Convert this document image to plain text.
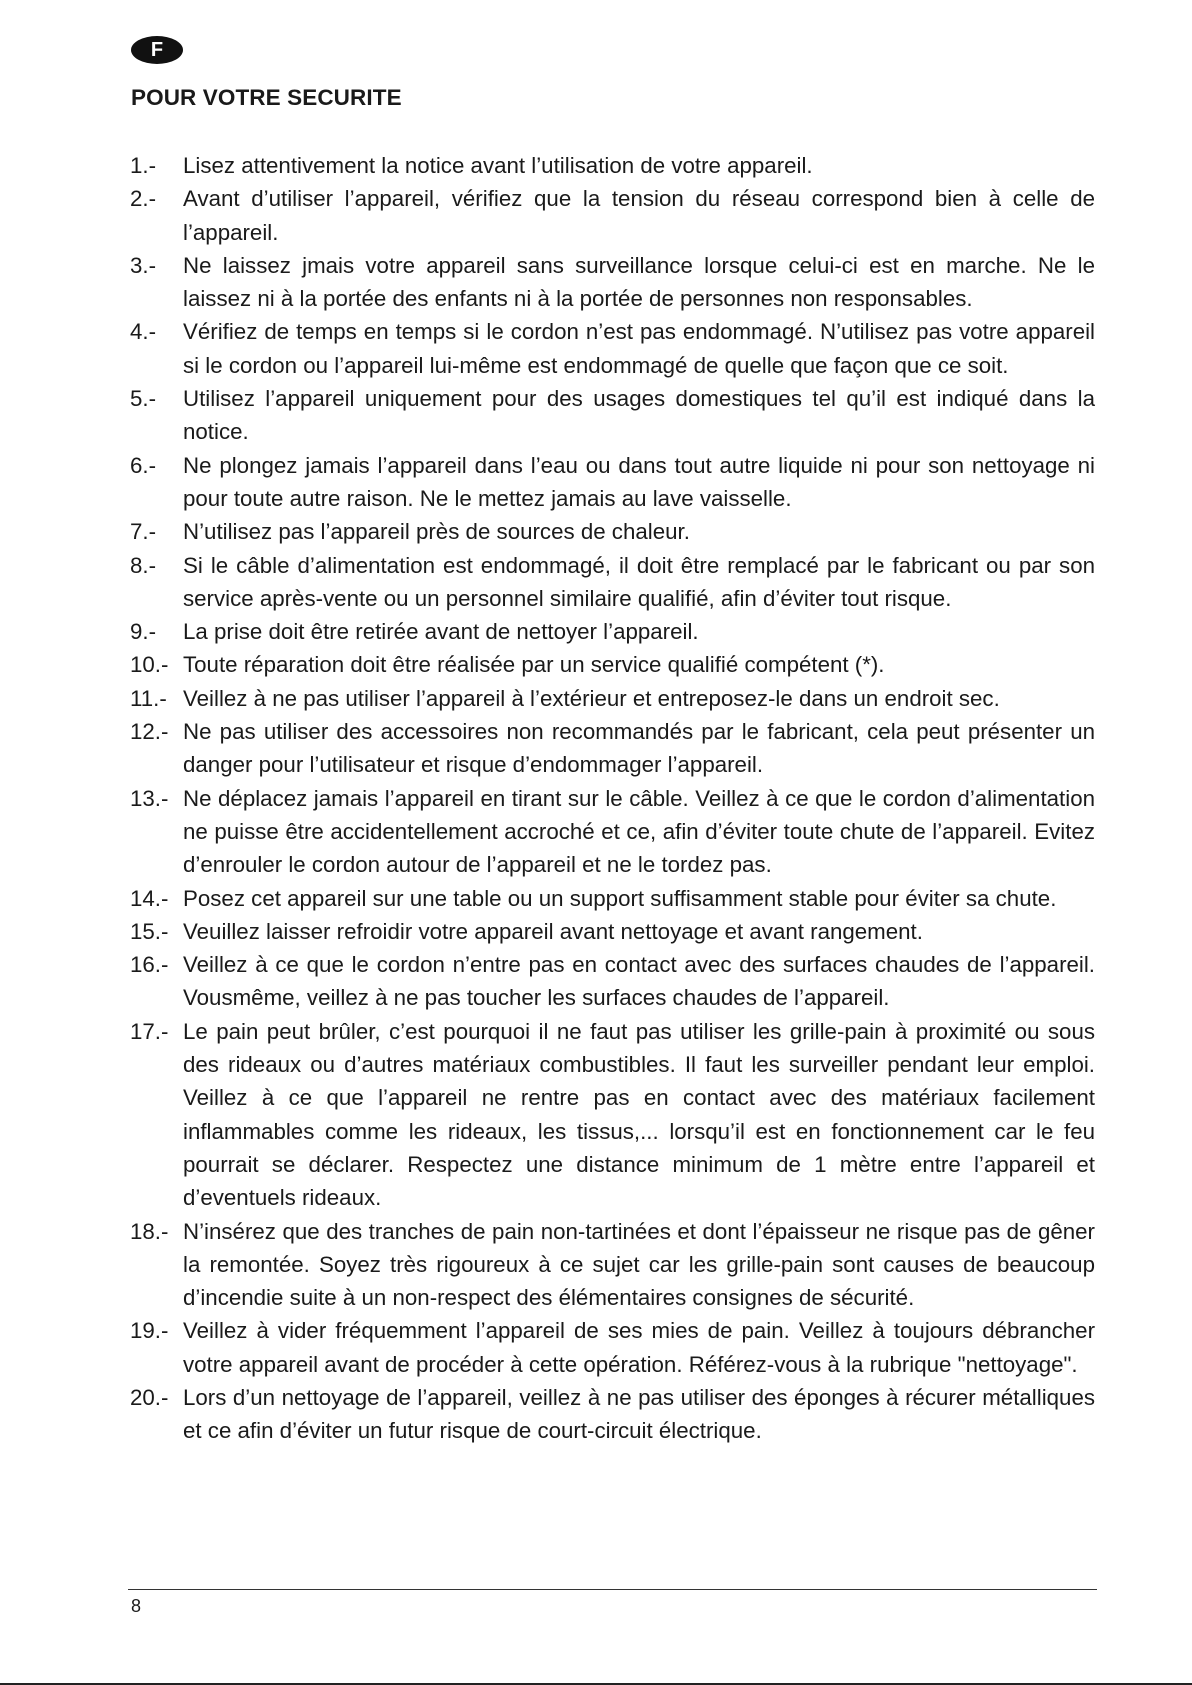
F
POUR VOTRE SECURITE
1.-	Lisez attentivement la notice avant l’utilisation de votre appareil.
2.-	Avant d’utiliser l’appareil, vérifiez que la tension du réseau correspond bien à celle de l’appareil.
3.-	Ne laissez jmais votre appareil sans surveillance lorsque celui-ci est en marche. Ne le laissez ni à la portée des enfants ni à la portée de personnes non responsables.
4.-	Vérifiez de temps en temps si le cordon n’est pas endommagé. N’utilisez pas votre appareil si le cordon ou l’appareil lui-même est endommagé de quelle que façon que ce soit.
5.-	Utilisez l’appareil uniquement pour des usages domestiques tel qu’il est indiqué dans la notice.
6.-	Ne plongez jamais l’appareil dans l’eau ou dans tout autre liquide ni pour son nettoyage ni pour toute autre raison. Ne le mettez jamais au lave vaisselle.
7.-	N’utilisez pas l’appareil près de sources de chaleur.
8.-	Si le câble d’alimentation est endommagé, il doit être remplacé par le fabricant ou par son service après-vente ou un personnel similaire qualifié, afin d’éviter tout risque.
9.-	La prise doit être retirée avant de nettoyer l’appareil.
10.- Toute réparation doit être réalisée par un service qualifié compétent (*).
11.- Veillez à ne pas utiliser l’appareil à l’extérieur et entreposez-le dans un endroit sec.
12.- Ne pas utiliser des accessoires non recommandés par le fabricant, cela peut présenter un danger pour l’utilisateur et risque d’endommager l’appareil.
13.- Ne déplacez jamais l’appareil en tirant sur le câble. Veillez à ce que le cordon d’alimentation ne puisse être accidentellement accroché et ce, afin d’éviter toute chute de l’appareil. Evitez d’enrouler le cordon autour de l’appareil et ne le tordez pas.
14.- Posez cet appareil sur une table ou un support suffisamment stable pour éviter sa chute.
15.- Veuillez laisser refroidir votre appareil avant nettoyage et avant rangement.
16.- Veillez à ce que le cordon n’entre pas en contact avec des surfaces chaudes de l’appareil. Vousmême, veillez à ne pas toucher les surfaces chaudes de l’appareil.
17.- Le pain peut brûler, c’est pourquoi il ne faut pas utiliser les grille-pain à proximité ou sous des rideaux ou d’autres matériaux combustibles. Il faut les surveiller pendant leur emploi. Veillez à ce que l’appareil ne rentre pas en contact avec des matériaux facilement inflammables comme les rideaux, les tissus,... lorsqu’il est en fonctionnement car le feu pourrait se déclarer. Respectez une distance minimum de 1 mètre entre l’appareil et d’eventuels rideaux.
18.- N’insérez que des tranches de pain non-tartinées et dont l’épaisseur ne risque pas de gêner la remontée. Soyez très rigoureux à ce sujet car les grille-pain sont causes de beaucoup d’incendie suite à un non-respect des élémentaires consignes de sécurité.
19.- Veillez à vider fréquemment l’appareil de ses mies de pain. Veillez à toujours débrancher votre appareil avant de procéder à cette opération. Référez-vous à la rubrique "nettoyage".
20.- Lors d’un nettoyage de l’appareil, veillez à ne pas utiliser des éponges à récurer métalliques et ce afin d’éviter un futur risque de court-circuit électrique.
8
